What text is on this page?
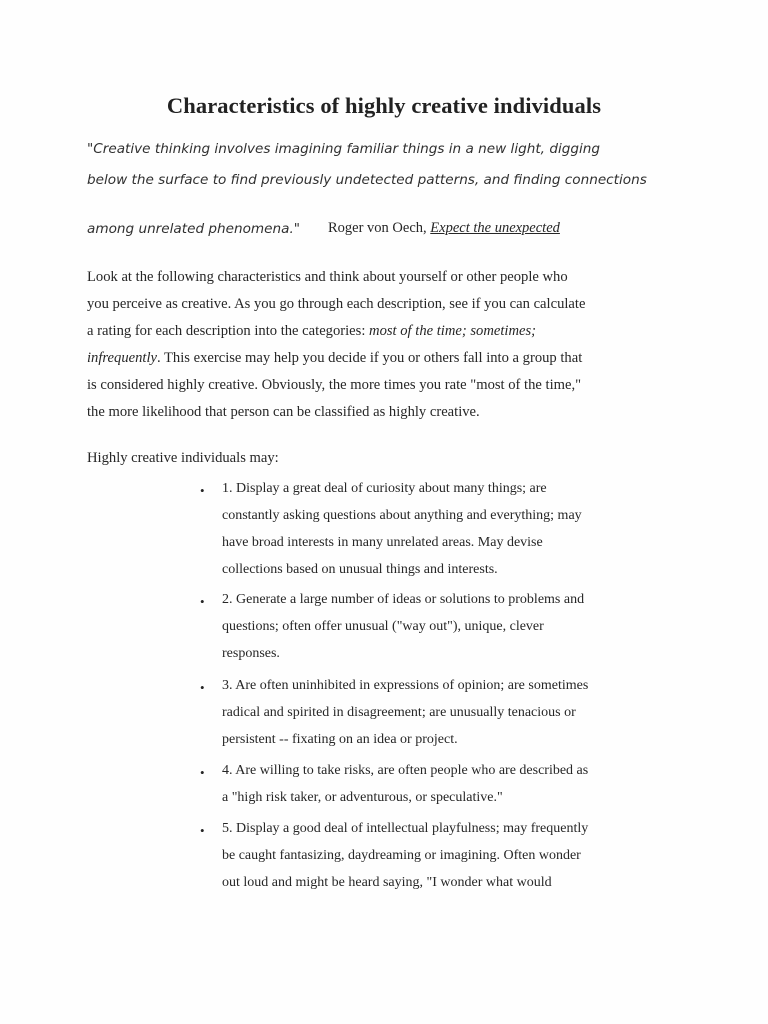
Characteristics of highly creative individuals
"Creative thinking involves imagining familiar things in a new light, digging
below the surface to find previously undetected patterns, and finding connections
among unrelated phenomena." Roger von Oech, Expect the unexpected
Look at the following characteristics and think about yourself or other people who
you perceive as creative. As you go through each description, see if you can calculate
a rating for each description into the categories: most of the time; sometimes;
infrequently. This exercise may help you decide if you or others fall into a group that
is considered highly creative. Obviously, the more times you rate "most of the time,"
the more likelihood that person can be classified as highly creative.
Highly creative individuals may:
• 1. Display a great deal of curiosity about many things; are
constantly asking questions about anything and everything; may
have broad interests in many unrelated areas. May devise
collections based on unusual things and interests.
• 2. Generate a large number of ideas or solutions to problems and
questions; often offer unusual ("way out"), unique, clever
responses.
• 3. Are often uninhibited in expressions of opinion; are sometimes
radical and spirited in disagreement; are unusually tenacious or
persistent -- fixating on an idea or project.
• 4. Are willing to take risks, are often people who are described as
a "high risk taker, or adventurous, or speculative."
• 5. Display a good deal of intellectual playfulness; may frequently
be caught fantasizing, daydreaming or imagining. Often wonder
out loud and might be heard saying, "I wonder what would
